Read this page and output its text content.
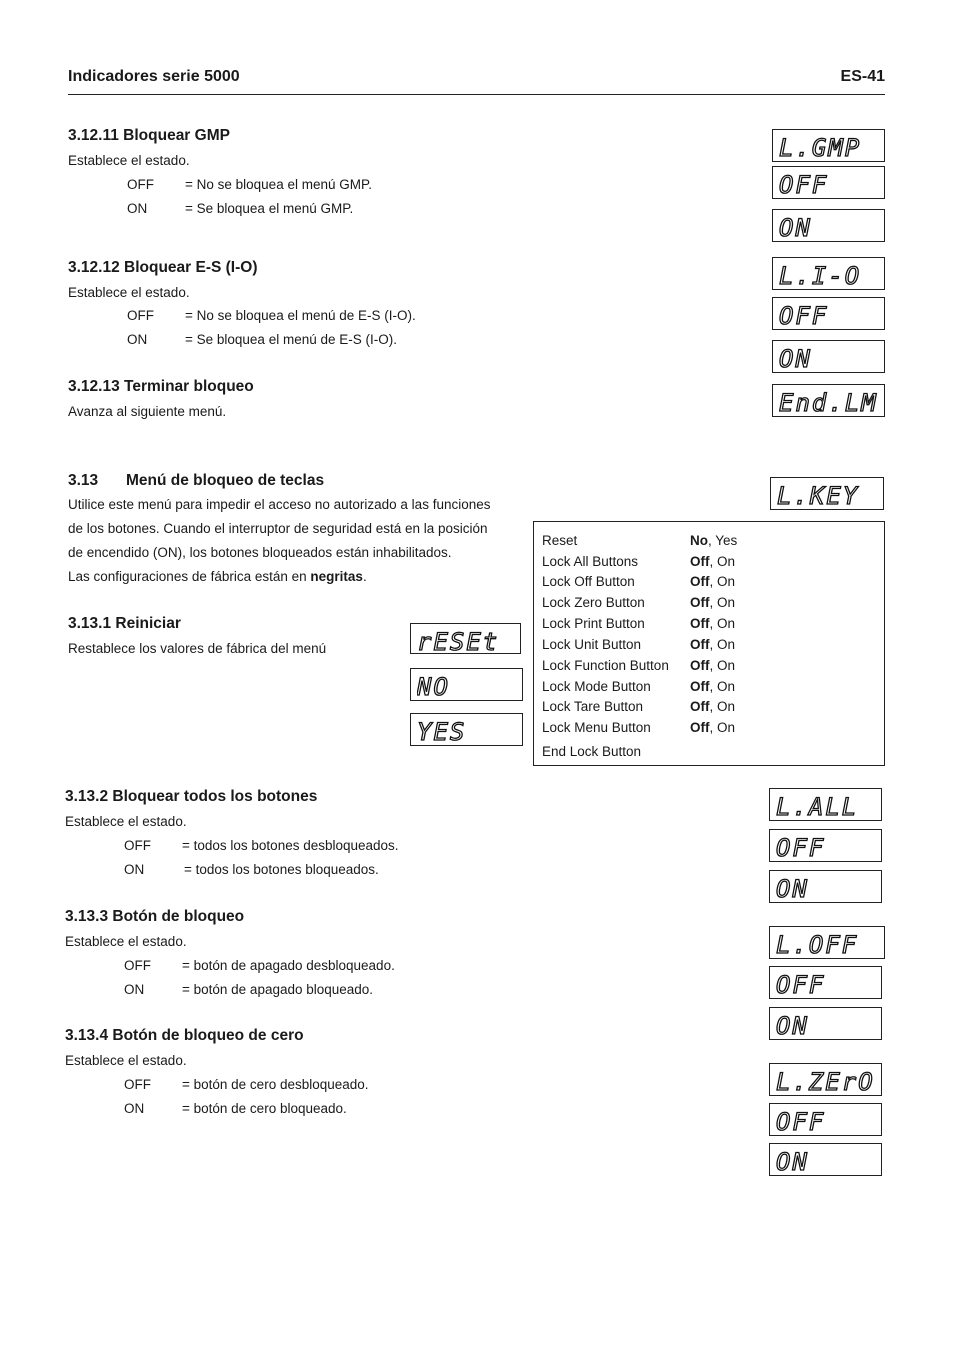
Indicadores serie 5000	ES-41
3.12.11 Bloquear GMP
Establece el estado.
OFF = No se bloquea el menú GMP.
ON	= Se bloquea el menú GMP.
L.GMP
OFF
ON
3.12.12 Bloquear E-S (I-O)
Establece el estado.
OFF = No se bloquea el menú de E-S (I-O).
ON	= Se bloquea el menú de E-S (I-O).
L.I-O
OFF
ON
3.12.13 Terminar bloqueo
Avanza al siguiente menú.	End.LM
3.13 Menú de bloqueo de teclas
Utilice este menú para impedir el acceso no autorizado a las funciones
de los botones. Cuando el interruptor de seguridad está en la posición
de encendido (ON), los botones bloqueados están inhabilitados.
Las configuraciones de fábrica están en negritas.
L.KEY
Reset	No, Yes
Lock All Buttons	Off, On
Lock Off Button	Off, On
Lock Zero Button	Off, On
Lock Print Button	Off, On
Lock Unit Button	Off, On
Lock Function Button Off, On
Lock Mode Button	Off, On
Lock Tare Button	Off, On
Lock Menu Button	Off, On
End Lock Button
3.13.1 Reiniciar
Restablece los valores de fábrica del menú	rESEt
NO
YES
3.13.2 Bloquear todos los botones
Establece el estado.
OFF = todos los botones desbloqueados.
ON	= todos los botones bloqueados.
L.ALL
OFF
ON
3.13.3 Botón de bloqueo
Establece el estado.
OFF = botón de apagado desbloqueado.
ON	= botón de apagado bloqueado.
L.OFF
OFF
ON
3.13.4 Botón de bloqueo de cero
Establece el estado.
OFF = botón de cero desbloqueado.
ON	= botón de cero bloqueado.
L.ZErO
OFF
ON
